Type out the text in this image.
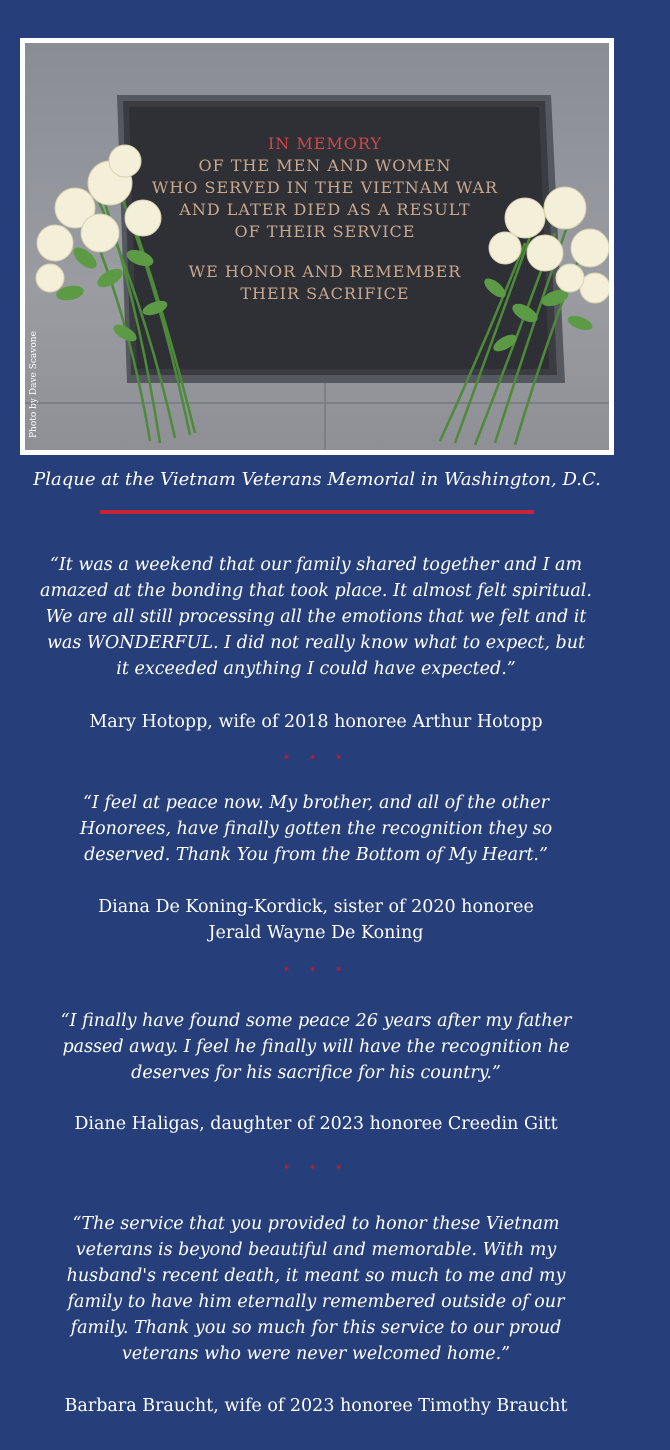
IN MEMORY
OF THE MEN AND WOMEN
WHO SERVED IN THE VIETNAM WAR
AND LATER DIED AS A RESULT
OF THEIR SERVICE
WE HONOR AND REMEMBER
THEIR SACRIFICE
Photo by Dave Scavone
Plaque at the Vietnam Veterans Memorial in Washington, D.C.
“It was a weekend that our family shared together and I am amazed at the bonding that took place. It almost felt spiritual. We are all still processing all the emotions that we felt and it was WONDERFUL. I did not really know what to expect, but it exceeded anything I could have expected.”
Mary Hotopp, wife of 2018 honoree Arthur Hotopp
* * *
“I feel at peace now. My brother, and all of the other Honorees, have finally gotten the recognition they so deserved. Thank You from the Bottom of My Heart.”
Diana De Koning-Kordick, sister of 2020 honoree
Jerald Wayne De Koning
* * *
“I finally have found some peace 26 years after my father passed away. I feel he finally will have the recognition he deserves for his sacrifice for his country.”
Diane Haligas, daughter of 2023 honoree Creedin Gitt
* * *
“The service that you provided to honor these Vietnam veterans is beyond beautiful and memorable. With my husband's recent death, it meant so much to me and my family to have him eternally remembered outside of our family. Thank you so much for this service to our proud veterans who were never welcomed home.”
Barbara Braucht, wife of 2023 honoree Timothy Braucht
